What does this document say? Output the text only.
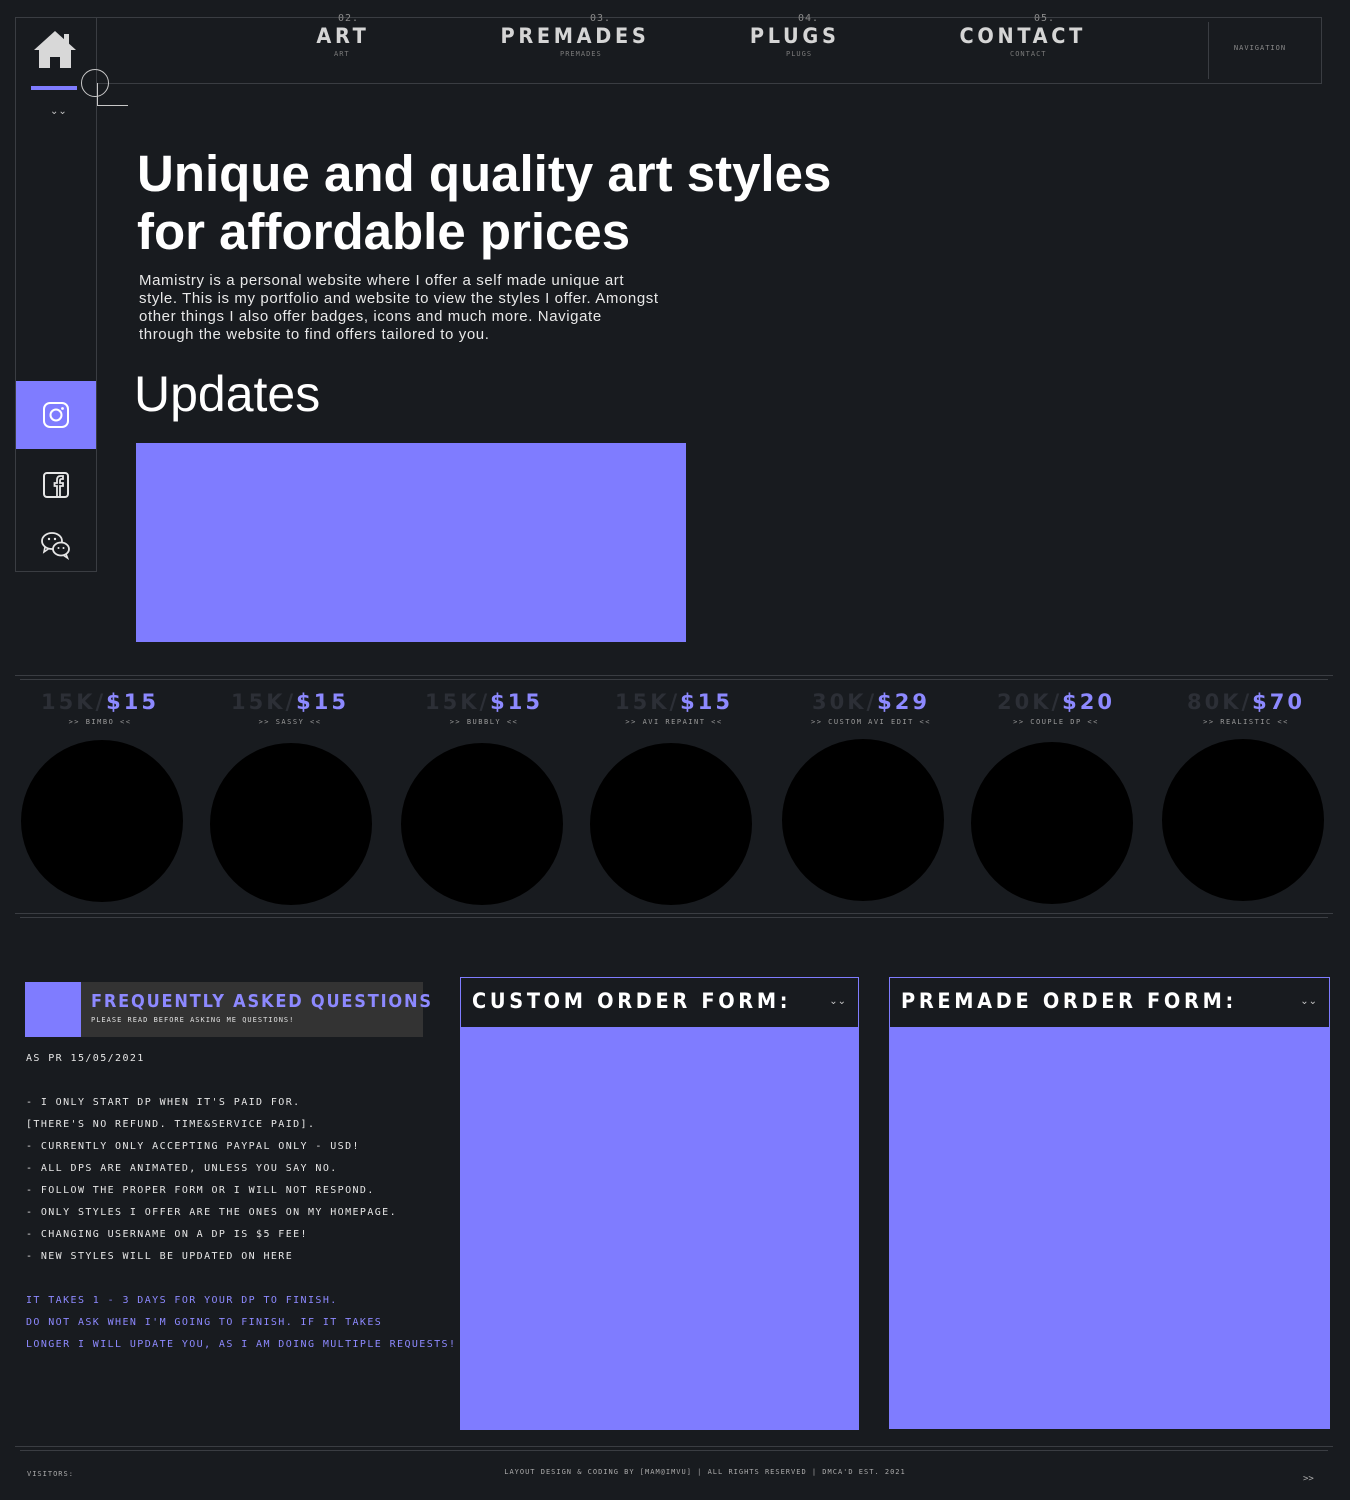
02.
ART
ART
03.
PREMADES
PREMADES
04.
PLUGS
PLUGS
05.
CONTACT
CONTACT
NAVIGATION
⌄⌄
Unique and quality art styles for affordable prices

Mamistry is a personal website where I offer a self made unique art style. This is my portfolio and website to view the styles I offer. Amongst other things I also offer badges, icons and much more. Navigate through the website to find offers tailored to you.

Updates
15K/$15
>> BIMBO <<
15K/$15
>> SASSY <<
15K/$15
>> BUBBLY <<
15K/$15
>> AVI REPAINT <<
30K/$29
>> CUSTOM AVI EDIT <<
20K/$20
>> COUPLE DP <<
80K/$70
>> REALISTIC <<
FREQUENTLY ASKED QUESTIONS
PLEASE READ BEFORE ASKING ME QUESTIONS!
AS PR 15/05/2021
- I ONLY START DP WHEN IT'S PAID FOR.
[THERE'S NO REFUND. TIME&SERVICE PAID].
- CURRENTLY ONLY ACCEPTING PAYPAL ONLY - USD!
- ALL DPS ARE ANIMATED, UNLESS YOU SAY NO.
- FOLLOW THE PROPER FORM OR I WILL NOT RESPOND.
- ONLY STYLES I OFFER ARE THE ONES ON MY HOMEPAGE.
- CHANGING USERNAME ON A DP IS $5 FEE!
- NEW STYLES WILL BE UPDATED ON HERE
IT TAKES 1 - 3 DAYS FOR YOUR DP TO FINISH.
DO NOT ASK WHEN I'M GOING TO FINISH. IF IT TAKES
LONGER I WILL UPDATE YOU, AS I AM DOING MULTIPLE REQUESTS!
CUSTOM ORDER FORM:	⌄⌄	PREMADE ORDER FORM:	⌄⌄
VISITORS:	LAYOUT DESIGN & CODING BY [MAM@IMVU] | ALL RIGHTS RESERVED | DMCA'D EST. 2021
>>
